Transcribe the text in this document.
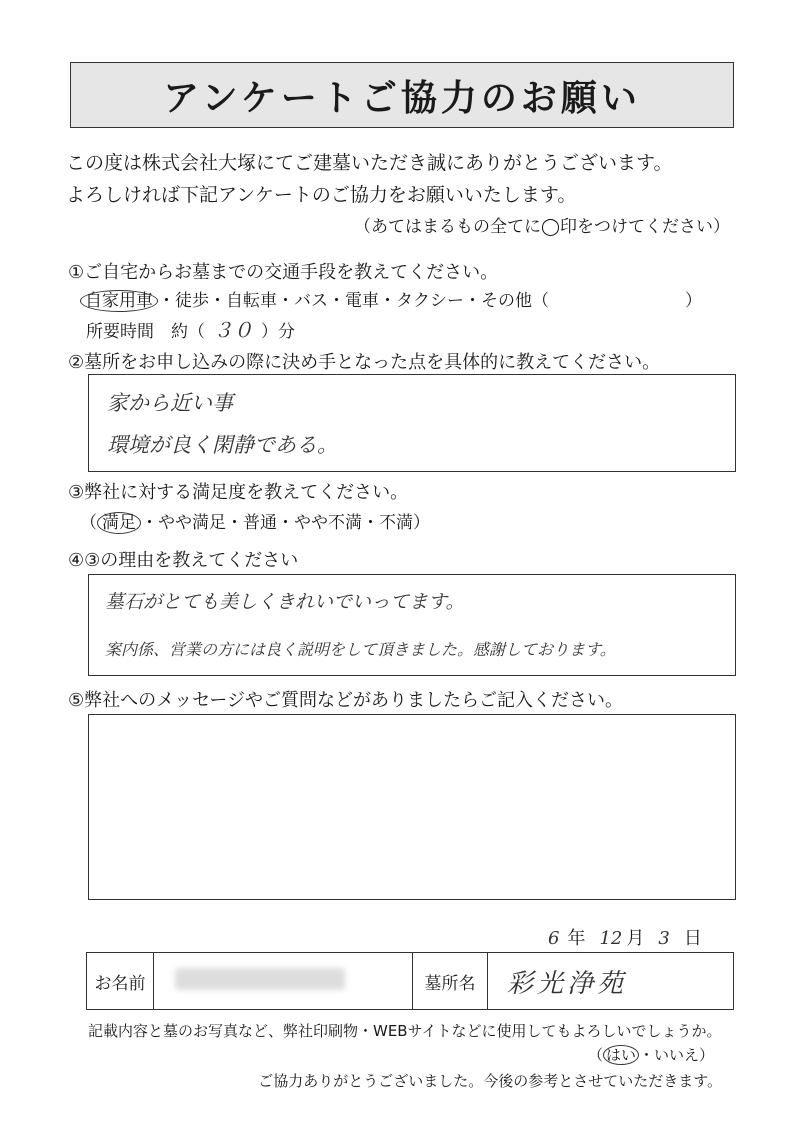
アンケートご協力のお願い
この度は株式会社大塚にてご建墓いただき誠にありがとうございます。
よろしければ下記アンケートのご協力をお願いいたします。
（あてはまるもの全てに◯印をつけてください）
①ご自宅からお墓までの交通手段を教えてください。
自家用車 ・徒歩・自転車・バス・電車・タクシー・その他（　　　　　　　　）
所要時間　約（ ３０ ）分
②墓所をお申し込みの際に決め手となった点を具体的に教えてください。
家から近い事
環境が良く閑静である。
③弊社に対する満足度を教えてください。
（ 満足 ・やや満足・普通・やや不満・不満）
④③の理由を教えてください
墓石がとても美しくきれいでいってます。
案内係、営業の方には良く説明をして頂きました。感謝しております。
⑤弊社へのメッセージやご質問などがありましたらご記入ください。
6 年 12 月 3 日
お名前		墓所名	彩光浄苑
記載内容と墓のお写真など、弊社印刷物・WEBサイトなどに使用してもよろしいでしょうか。
（ はい ・いいえ）
ご協力ありがとうございました。今後の参考とさせていただきます。
